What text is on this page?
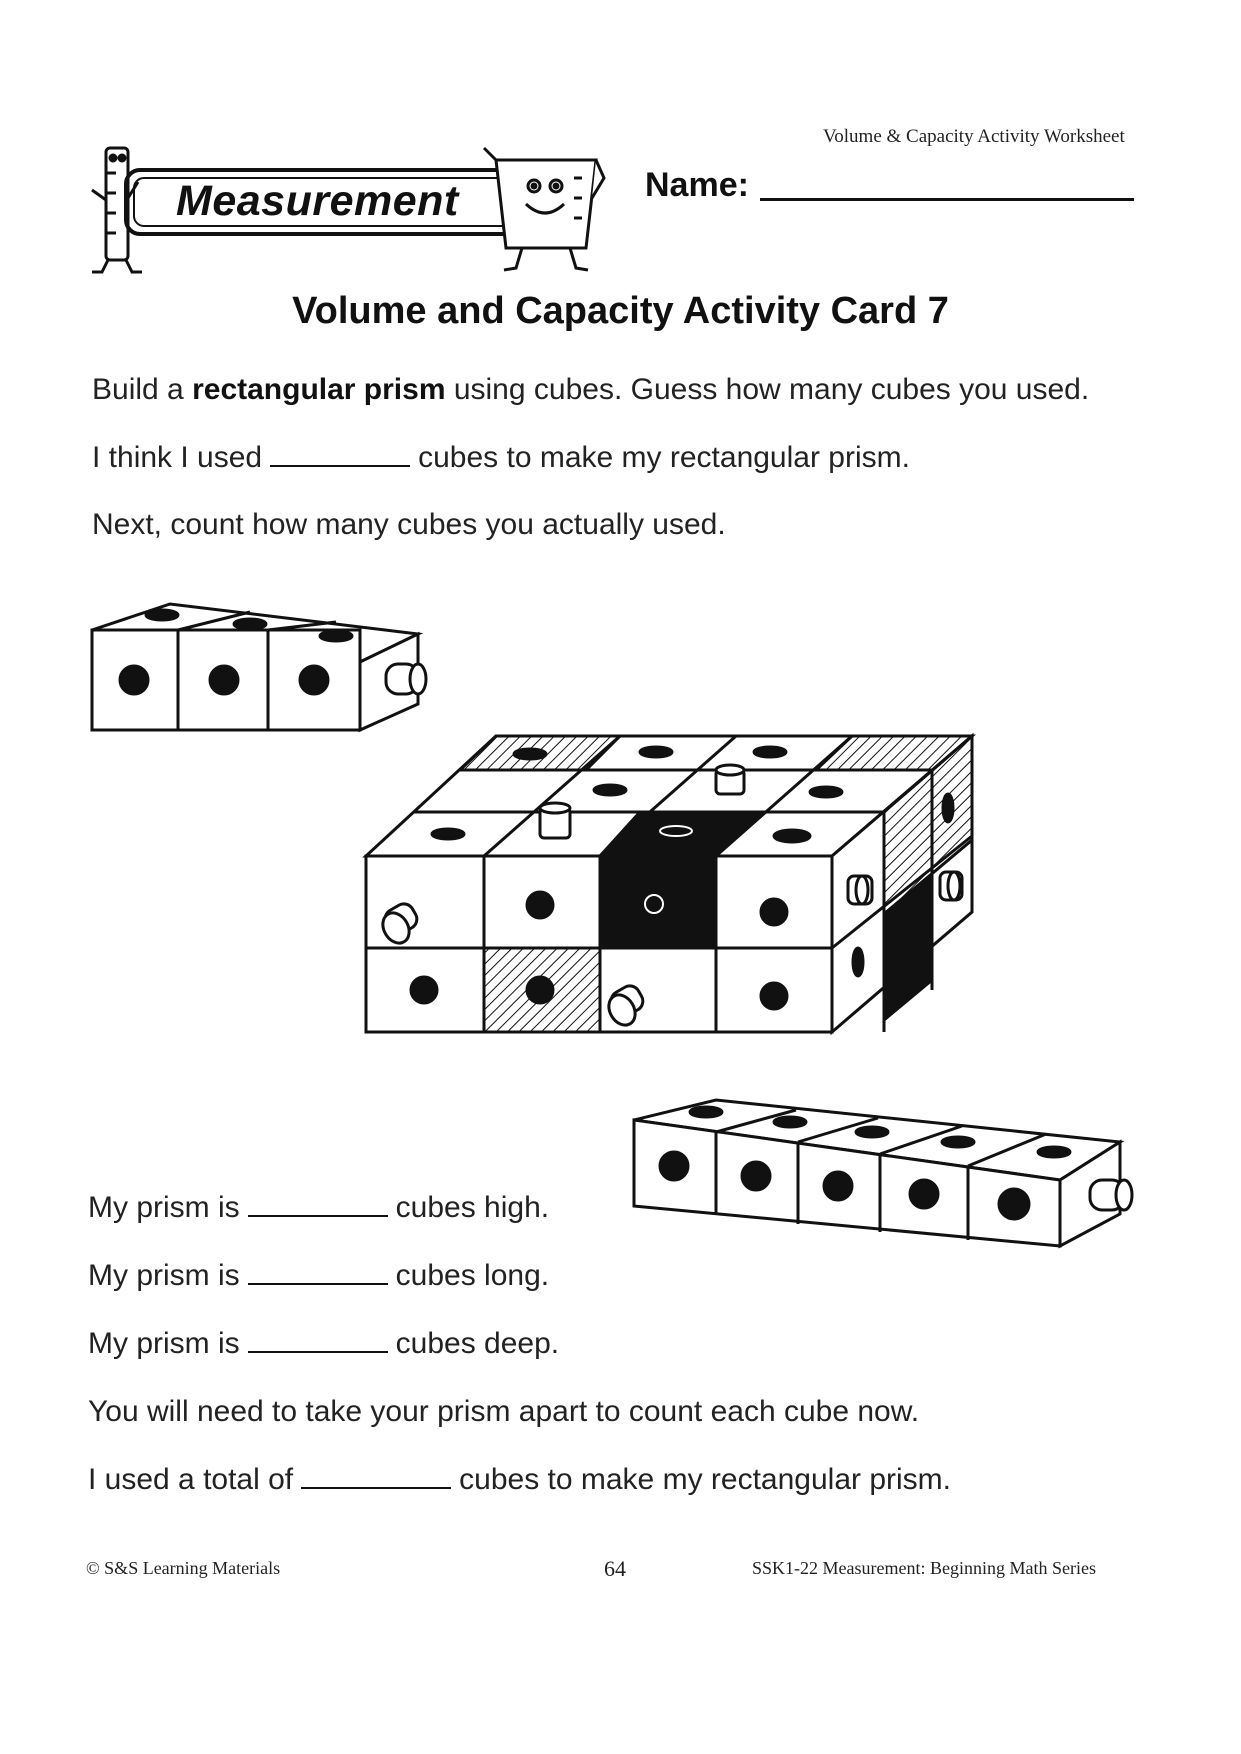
Volume & Capacity Activity Worksheet
Measurement	Name:
Volume and Capacity Activity Card 7
Build a rectangular prism using cubes. Guess how many cubes you used.
I think I used	cubes to make my rectangular prism.
Next, count how many cubes you actually used.
My prism is	cubes high.
My prism is	cubes long.
My prism is	cubes deep.
You will need to take your prism apart to count each cube now.
I used a total of	cubes to make my rectangular prism.
© S&S Learning Materials	64	SSK1-22 Measurement: Beginning Math Series
